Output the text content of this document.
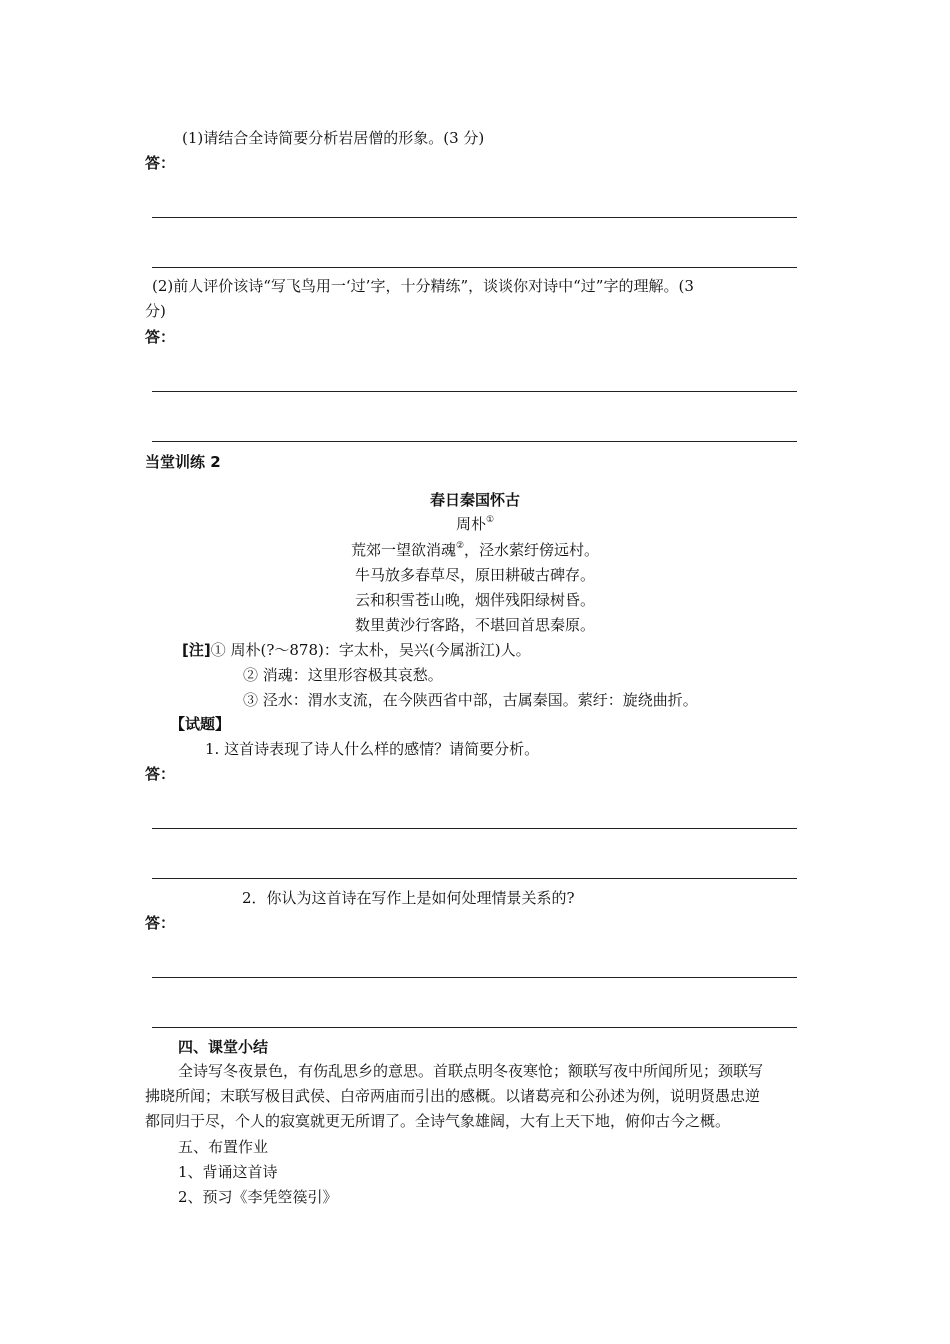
(1)请结合全诗简要分析岩居僧的形象。(3 分)
答：
(2)前人评价该诗“写飞鸟用一‘过’字，十分精练”，谈谈你对诗中“过”字的理解。(3
分)
答：
当堂训练 2
春日秦国怀古
周朴①
荒郊一望欲消魂②，泾水萦纡傍远村。
牛马放多春草尽，原田耕破古碑存。
云和积雪苍山晚，烟伴残阳绿树昏。
数里黄沙行客路，不堪回首思秦原。
[注]① 周朴(?～878)：字太朴，吴兴(今属浙江)人。
② 消魂：这里形容极其哀愁。
③ 泾水：渭水支流，在今陕西省中部，古属秦国。萦纡：旋绕曲折。
【试题】
1. 这首诗表现了诗人什么样的感情？请简要分析。
答：
2．你认为这首诗在写作上是如何处理情景关系的?
答：
四、课堂小结
全诗写冬夜景色，有伤乱思乡的意思。首联点明冬夜寒怆；额联写夜中所闻所见；颈联写
拂晓所闻；末联写极目武侯、白帝两庙而引出的感概。以诸葛亮和公孙述为例，说明贤愚忠逆
都同归于尽，个人的寂寞就更无所谓了。全诗气象雄阔，大有上天下地，俯仰古今之概。
五、布置作业
1、背诵这首诗
2、预习《李凭箜篌引》
